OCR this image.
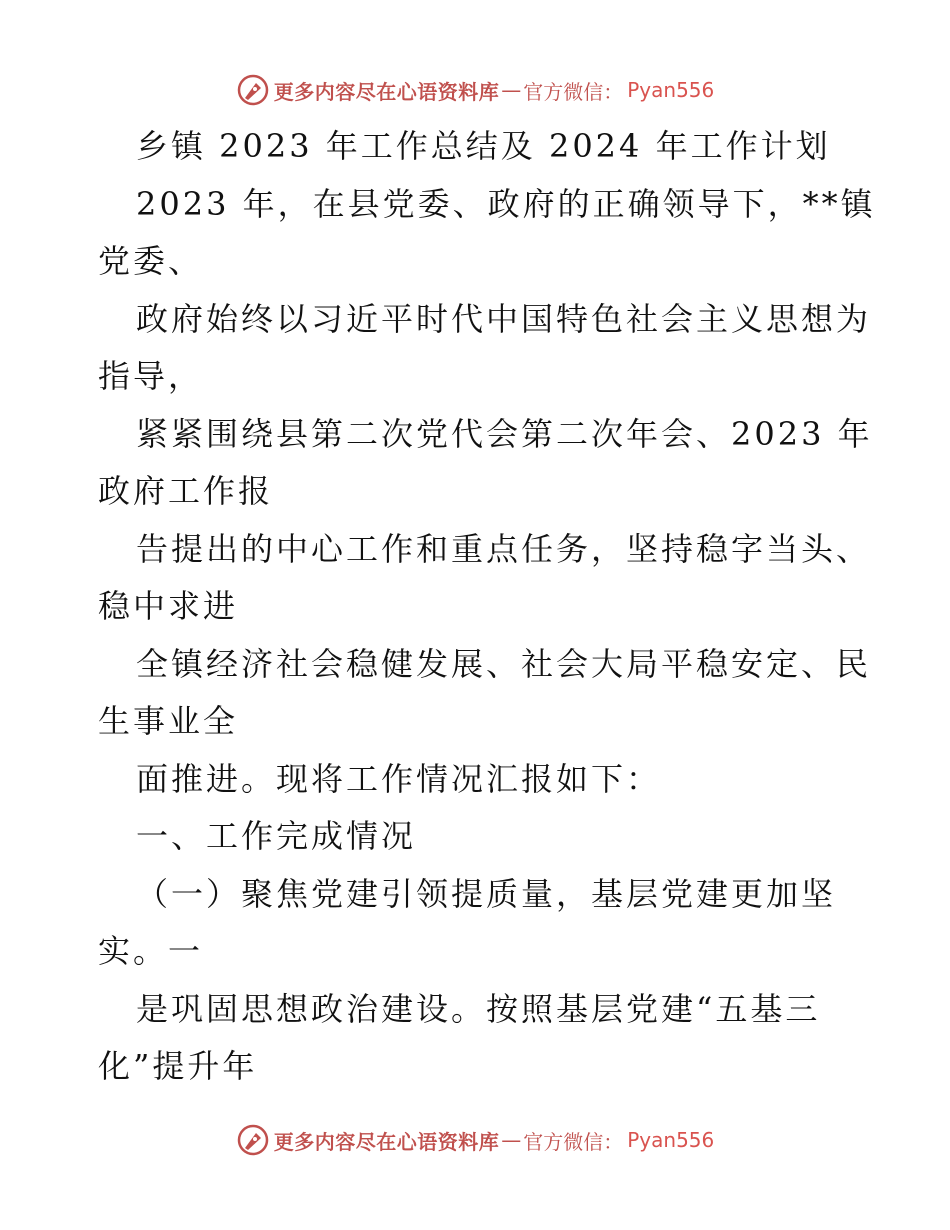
更多内容尽在心语资料库 — 官方微信： Pyan556
乡镇 2023 年工作总结及 2024 年工作计划
2023 年，在县党委、政府的正确领导下，**镇
党委、
政府始终以习近平时代中国特色社会主义思想为
指导，
紧紧围绕县第二次党代会第二次年会、2023 年
政府工作报
告提出的中心工作和重点任务，坚持稳字当头、
稳中求进
全镇经济社会稳健发展、社会大局平稳安定、民
生事业全
面推进。现将工作情况汇报如下：
一、工作完成情况
（一）聚焦党建引领提质量，基层党建更加坚
实。一
是巩固思想政治建设。按照基层党建“五基三
化”提升年
更多内容尽在心语资料库 — 官方微信： Pyan556
